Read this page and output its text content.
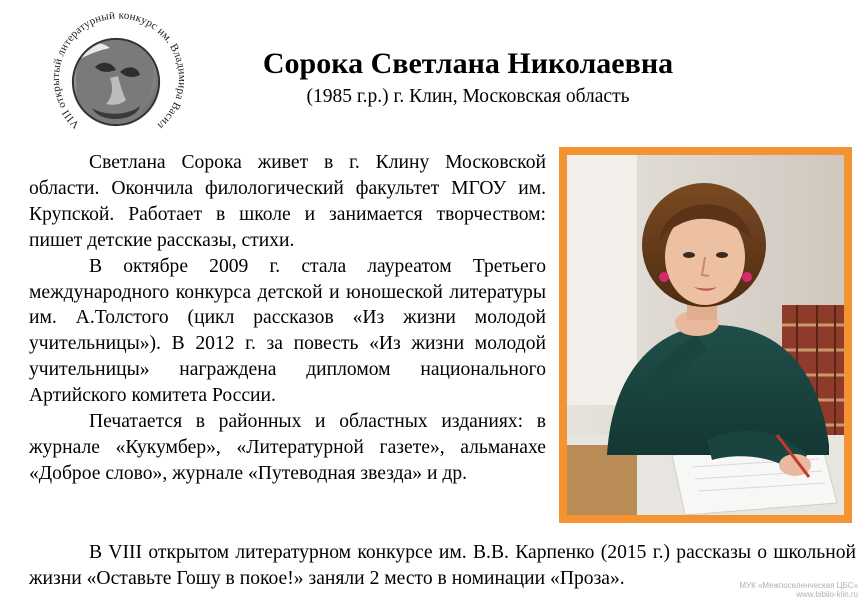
VIII открытый литературный конкурс им. Владимира Васил
Сорока Светлана Николаевна
(1985 г.р.) г. Клин, Московская область

Светлана Сорока живет в г. Клину Московской области. Окончила филологический факультет МГОУ им. Крупской. Работает в школе и занимается творчеством: пишет детские рассказы, стихи.

В октябре 2009 г. стала лауреатом Третьего международного конкурса детской и юношеской литературы им. А.Толстого (цикл рассказов «Из жизни молодой учительницы»). В 2012 г. за повесть «Из жизни молодой учительницы» награждена дипломом национального Артийского комитета России.

Печатается в районных и областных изданиях: в журнале «Кукумбер», «Литературной газете», альманахе «Доброе слово», журнале «Путеводная звезда» и др.

В VIII открытом литературном конкурсе им. В.В. Карпенко (2015 г.) рассказы о школьной жизни «Оставьте Гошу в покое!» заняли 2 место в номинации «Проза».	МУК «Межпоселенческая ЦБС»
www.biblio-klin.ru
